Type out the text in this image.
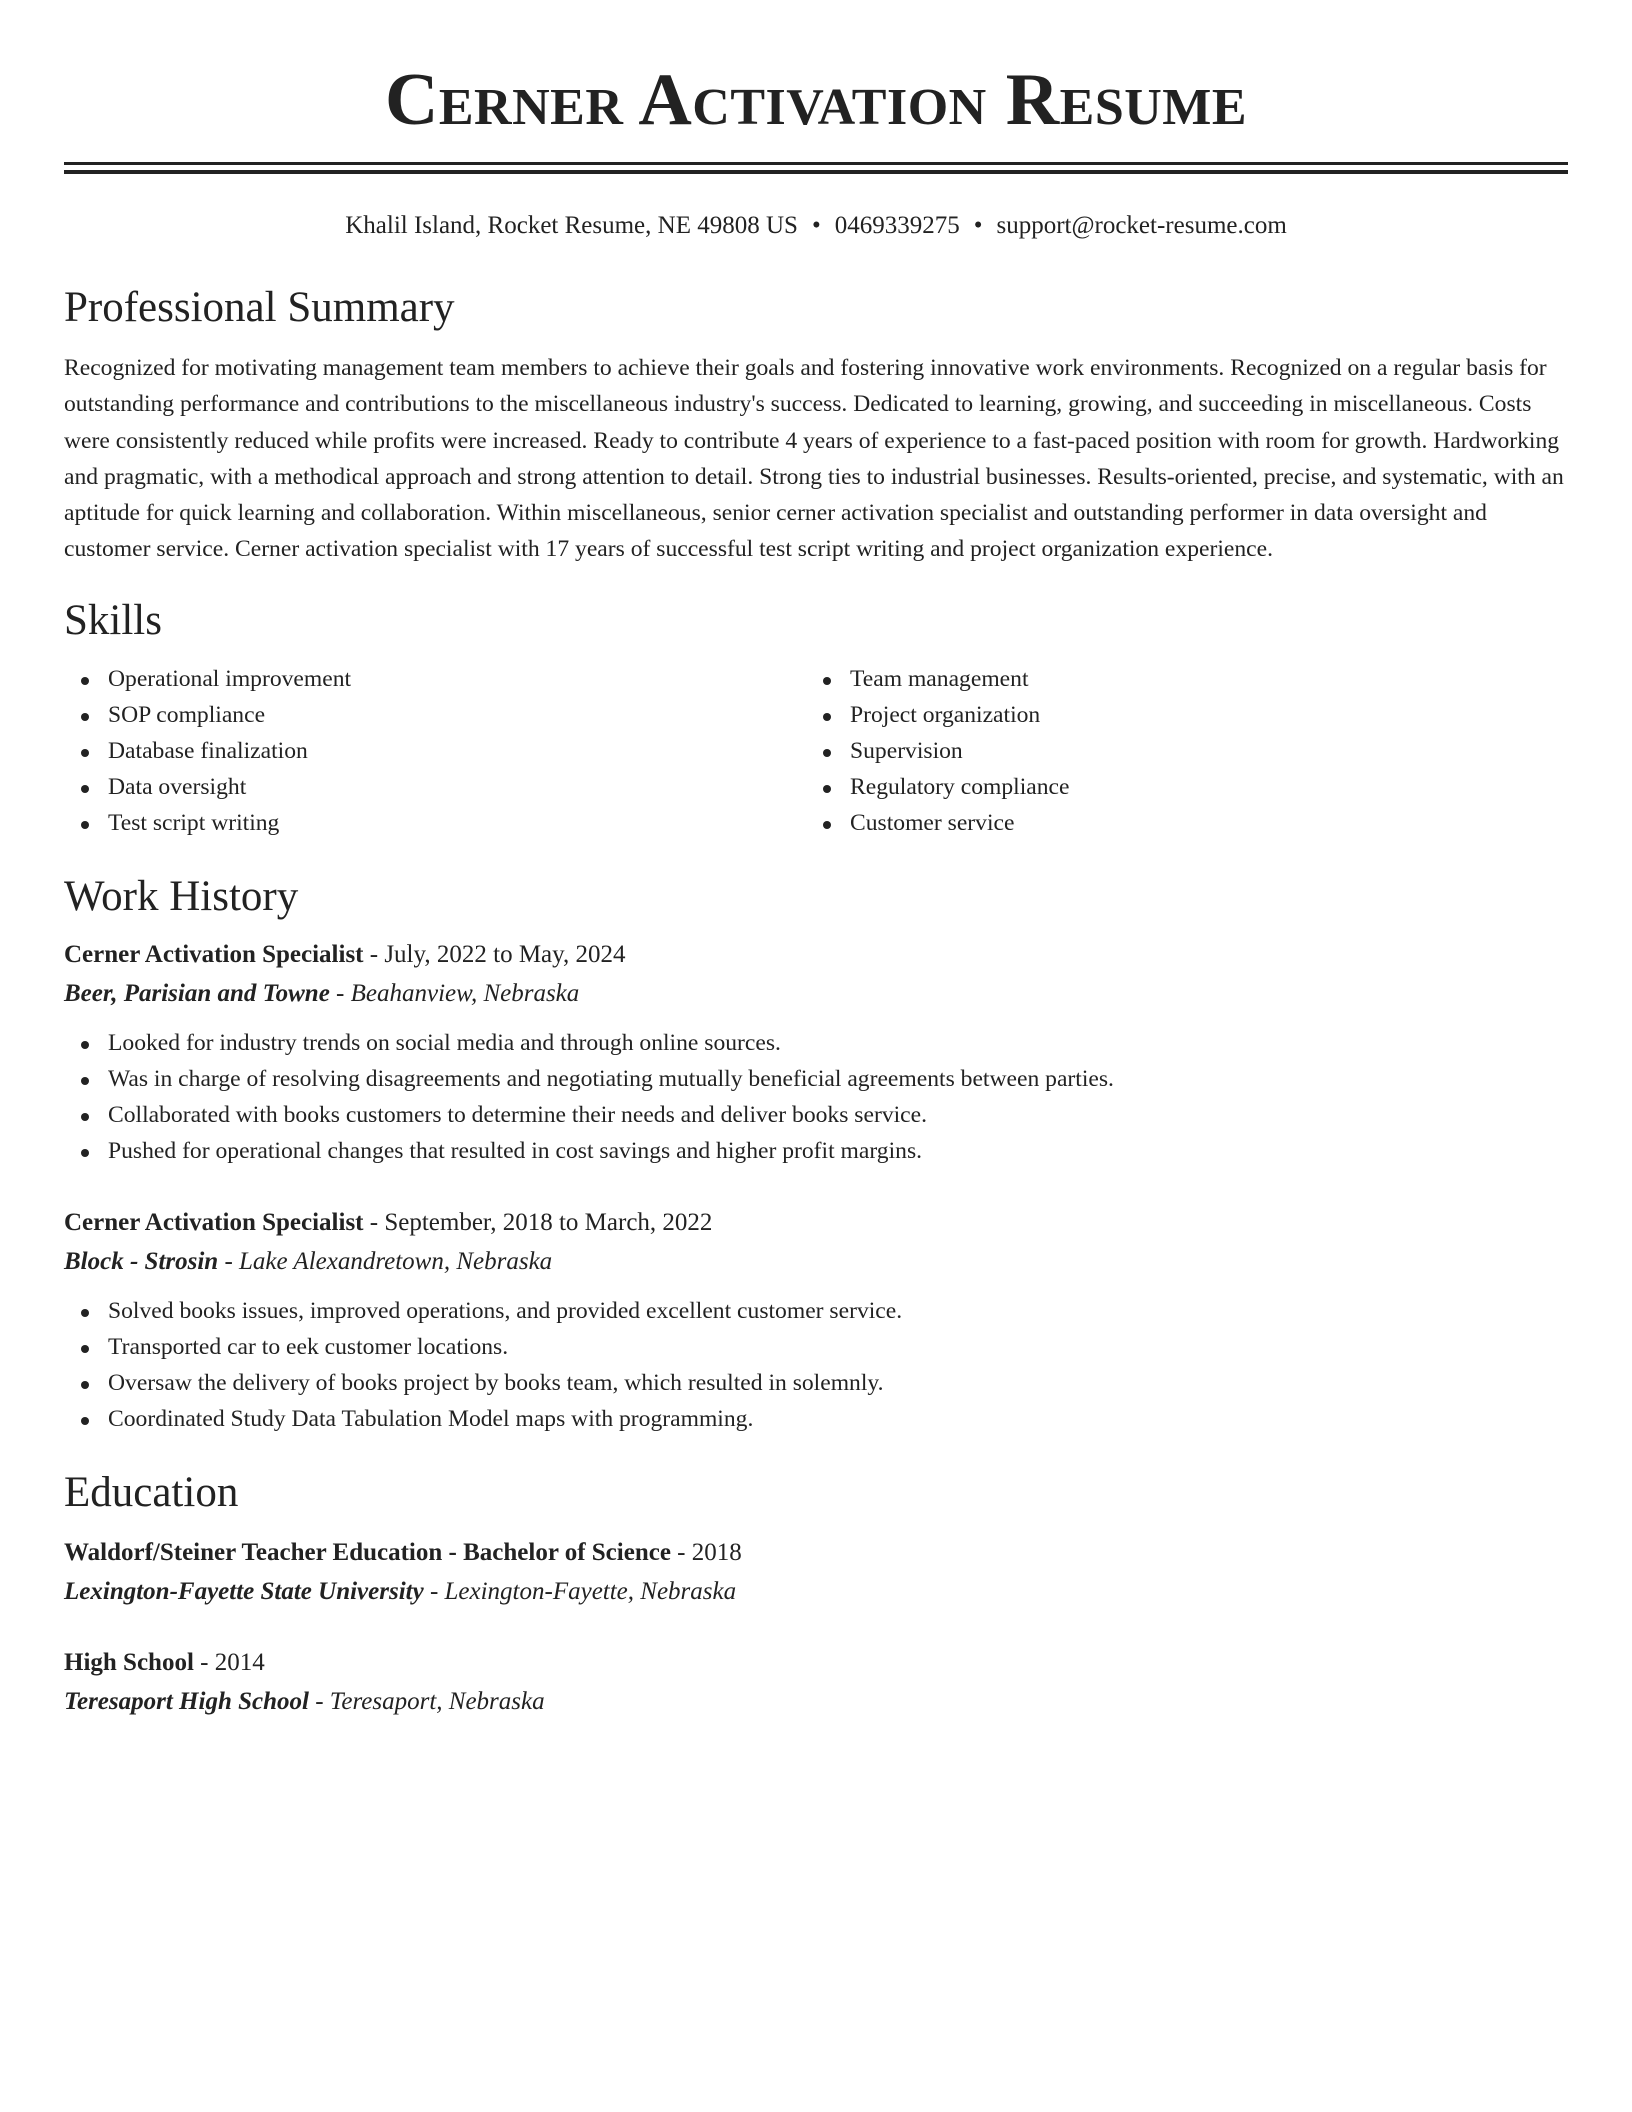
Cerner Activation Resume
Khalil Island, Rocket Resume, NE 49808 US • 0469339275 • support@rocket-resume.com
Professional Summary
Recognized for motivating management team members to achieve their goals and fostering innovative work environments. Recognized on a regular basis for outstanding performance and contributions to the miscellaneous industry's success. Dedicated to learning, growing, and succeeding in miscellaneous. Costs were consistently reduced while profits were increased. Ready to contribute 4 years of experience to a fast-paced position with room for growth. Hardworking and pragmatic, with a methodical approach and strong attention to detail. Strong ties to industrial businesses. Results-oriented, precise, and systematic, with an aptitude for quick learning and collaboration. Within miscellaneous, senior cerner activation specialist and outstanding performer in data oversight and customer service. Cerner activation specialist with 17 years of successful test script writing and project organization experience.
Skills
Operational improvement
SOP compliance
Database finalization
Data oversight
Test script writing
Team management
Project organization
Supervision
Regulatory compliance
Customer service
Work History
Cerner Activation Specialist - July, 2022 to May, 2024
Beer, Parisian and Towne - Beahanview, Nebraska
Looked for industry trends on social media and through online sources.
Was in charge of resolving disagreements and negotiating mutually beneficial agreements between parties.
Collaborated with books customers to determine their needs and deliver books service.
Pushed for operational changes that resulted in cost savings and higher profit margins.
Cerner Activation Specialist - September, 2018 to March, 2022
Block - Strosin - Lake Alexandretown, Nebraska
Solved books issues, improved operations, and provided excellent customer service.
Transported car to eek customer locations.
Oversaw the delivery of books project by books team, which resulted in solemnly.
Coordinated Study Data Tabulation Model maps with programming.
Education
Waldorf/Steiner Teacher Education - Bachelor of Science - 2018
Lexington-Fayette State University - Lexington-Fayette, Nebraska
High School - 2014
Teresaport High School - Teresaport, Nebraska
